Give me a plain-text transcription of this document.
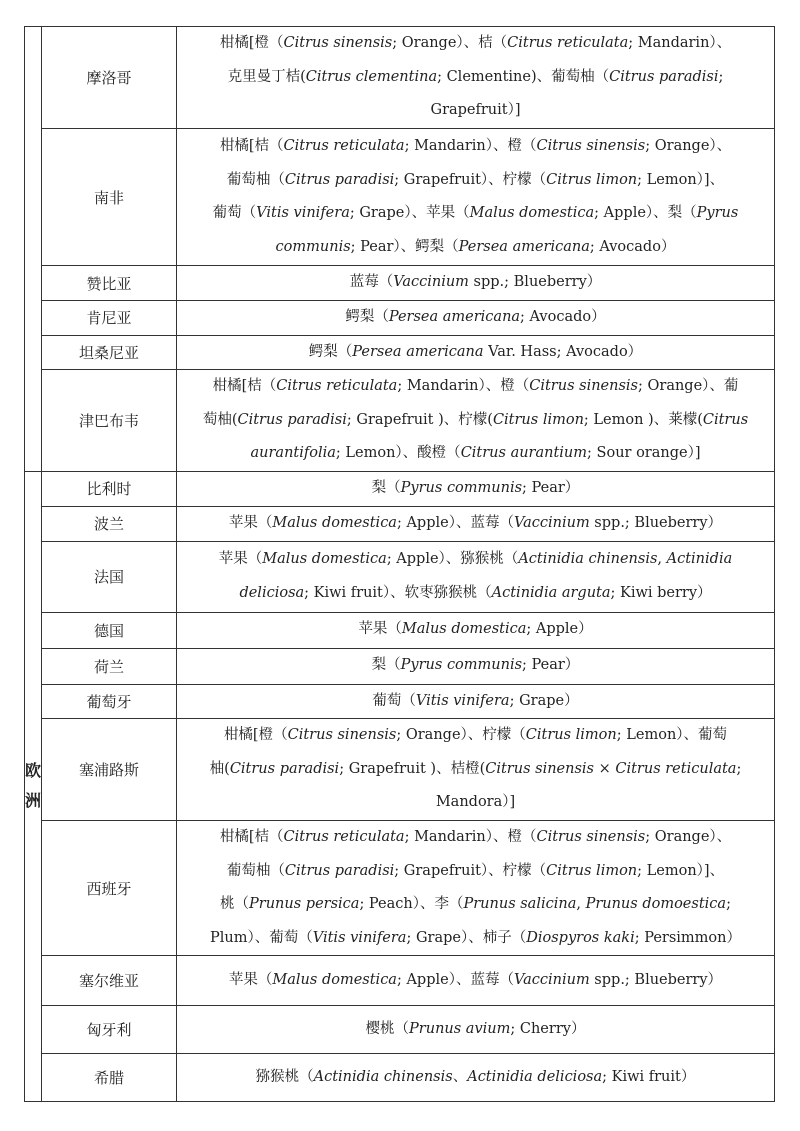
	摩洛哥	柑橘[橙（Citrus sinensis; Orange）、桔（Citrus reticulata; Mandarin）、
克里曼丁桔(Citrus clementina; Clementine)、葡萄柚（Citrus paradisi;
Grapefruit）]

	南非	柑橘[桔（Citrus reticulata; Mandarin）、橙（Citrus sinensis; Orange）、
葡萄柚（Citrus paradisi; Grapefruit）、柠檬（Citrus limon; Lemon）]、
葡萄（Vitis vinifera; Grape）、苹果（Malus domestica; Apple）、梨（Pyrus
communis; Pear）、鳄梨（Persea americana; Avocado）

	赞比亚	蓝莓（Vaccinium spp.; Blueberry）

	肯尼亚	鳄梨（Persea americana; Avocado）

	坦桑尼亚	鳄梨（Persea americana Var. Hass; Avocado）

	津巴布韦	柑橘[桔（Citrus reticulata; Mandarin）、橙（Citrus sinensis; Orange）、葡
萄柚(Citrus paradisi; Grapefruit )、柠檬(Citrus limon; Lemon )、莱檬(Citrus
aurantifolia; Lemon）、酸橙（Citrus aurantium; Sour orange）]

欧
洲	比利时	梨（Pyrus communis; Pear）

	波兰	苹果（Malus domestica; Apple）、蓝莓（Vaccinium spp.; Blueberry）

	法国	苹果（Malus domestica; Apple）、猕猴桃（Actinidia chinensis, Actinidia
deliciosa; Kiwi fruit）、软枣猕猴桃（Actinidia arguta; Kiwi berry）

	德国	苹果（Malus domestica; Apple）

	荷兰	梨（Pyrus communis; Pear）

	葡萄牙	葡萄（Vitis vinifera; Grape）

	塞浦路斯	柑橘[橙（Citrus sinensis; Orange）、柠檬（Citrus limon; Lemon）、葡萄
柚(Citrus paradisi; Grapefruit )、桔橙(Citrus sinensis × Citrus reticulata;
Mandora）]

	西班牙	柑橘[桔（Citrus reticulata; Mandarin）、橙（Citrus sinensis; Orange）、
葡萄柚（Citrus paradisi; Grapefruit）、柠檬（Citrus limon; Lemon）]、
桃（Prunus persica; Peach）、李（Prunus salicina, Prunus domoestica;
Plum）、葡萄（Vitis vinifera; Grape）、柿子（Diospyros kaki; Persimmon）

	塞尔维亚	苹果（Malus domestica; Apple）、蓝莓（Vaccinium spp.; Blueberry）

	匈牙利	樱桃（Prunus avium; Cherry）

	希腊	猕猴桃（Actinidia chinensis、Actinidia deliciosa; Kiwi fruit）
